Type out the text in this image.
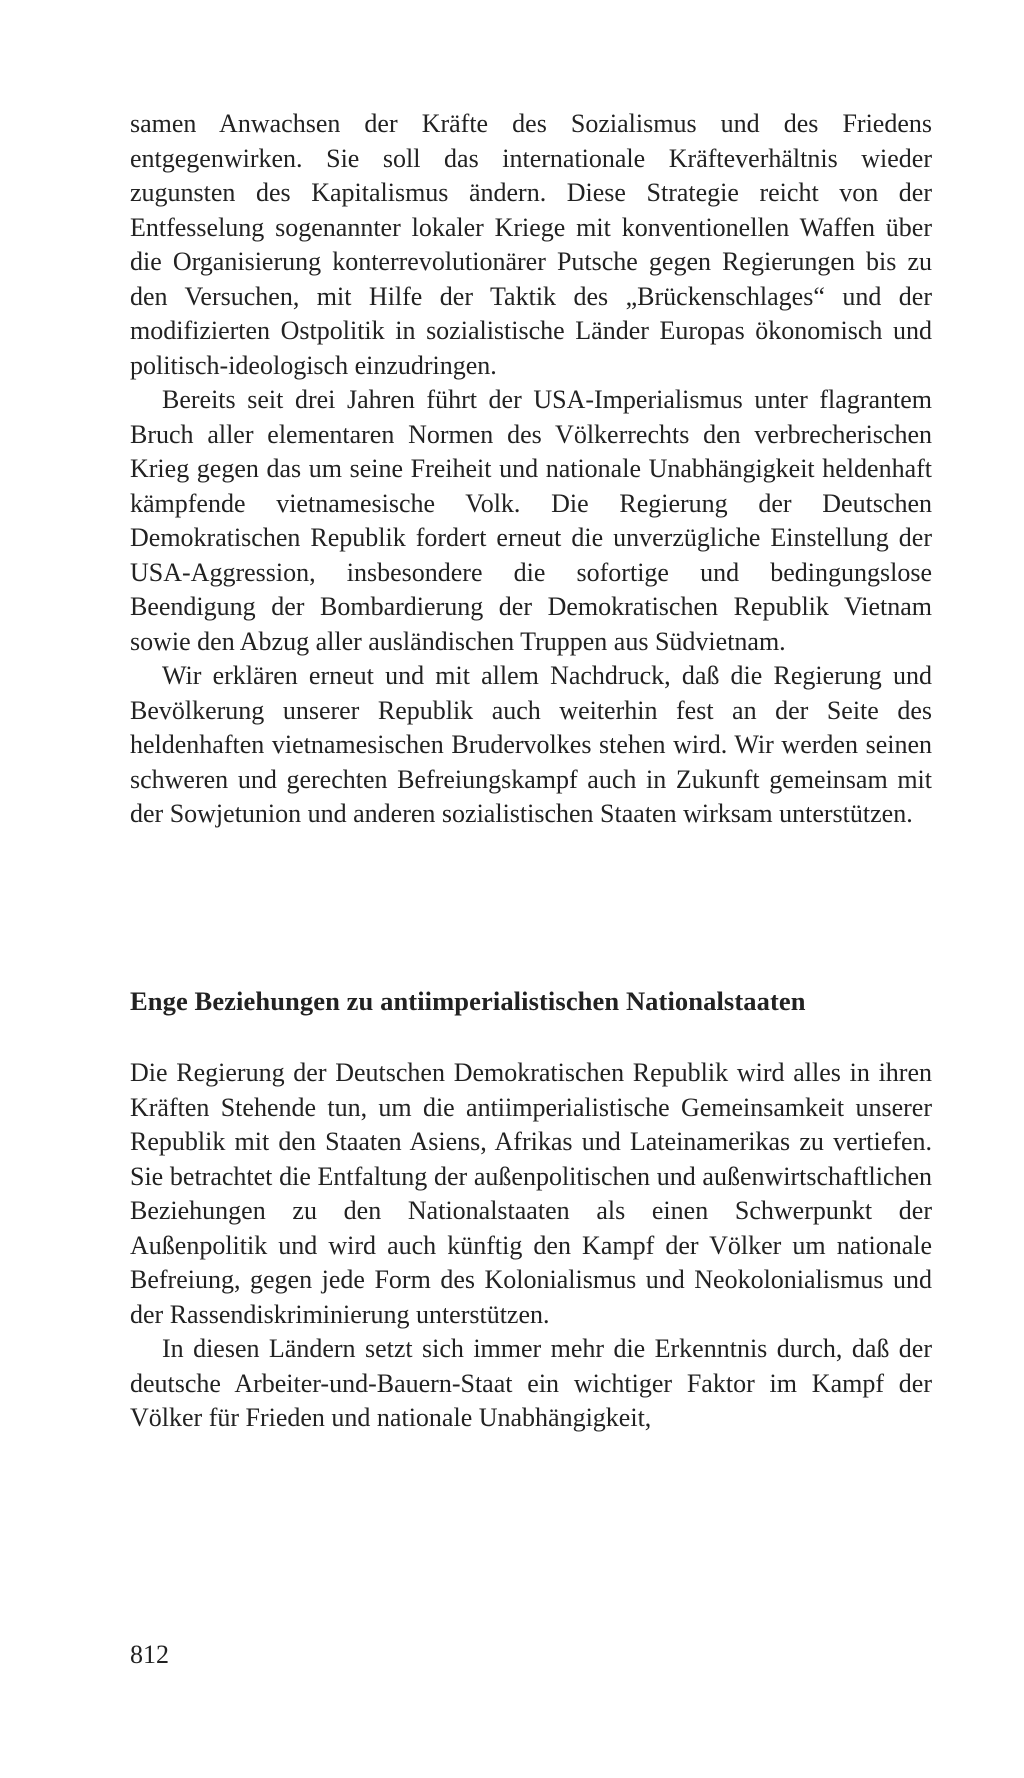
samen Anwachsen der Kräfte des Sozialismus und des Friedens entgegenwirken. Sie soll das internationale Kräfteverhältnis wieder zugunsten des Kapitalismus ändern. Diese Strategie reicht von der Entfesselung sogenannter lokaler Kriege mit konventionellen Waffen über die Organisierung konterrevolutionärer Putsche gegen Regierungen bis zu den Versuchen, mit Hilfe der Taktik des „Brückenschlages“ und der modifizierten Ostpolitik in sozialistische Länder Europas ökonomisch und politisch-ideologisch einzudringen.

Bereits seit drei Jahren führt der USA-Imperialismus unter flagrantem Bruch aller elementaren Normen des Völkerrechts den verbrecherischen Krieg gegen das um seine Freiheit und nationale Unabhängigkeit heldenhaft kämpfende vietnamesische Volk. Die Regierung der Deutschen Demokratischen Republik fordert erneut die unverzügliche Einstellung der USA-Aggression, insbesondere die sofortige und bedingungslose Beendigung der Bombardierung der Demokratischen Republik Vietnam sowie den Abzug aller ausländischen Truppen aus Südvietnam.

Wir erklären erneut und mit allem Nachdruck, daß die Regierung und Bevölkerung unserer Republik auch weiterhin fest an der Seite des heldenhaften vietnamesischen Brudervolkes stehen wird. Wir werden seinen schweren und gerechten Befreiungskampf auch in Zukunft gemeinsam mit der Sowjetunion und anderen sozialistischen Staaten wirksam unterstützen.

Enge Beziehungen zu antiimperialistischen Nationalstaaten

Die Regierung der Deutschen Demokratischen Republik wird alles in ihren Kräften Stehende tun, um die antiimperialistische Gemeinsamkeit unserer Republik mit den Staaten Asiens, Afrikas und Lateinamerikas zu vertiefen. Sie betrachtet die Entfaltung der außenpolitischen und außenwirtschaftlichen Beziehungen zu den Nationalstaaten als einen Schwerpunkt der Außenpolitik und wird auch künftig den Kampf der Völker um nationale Befreiung, gegen jede Form des Kolonialismus und Neokolonialismus und der Rassendiskriminierung unterstützen.

In diesen Ländern setzt sich immer mehr die Erkenntnis durch, daß der deutsche Arbeiter-und-Bauern-Staat ein wichtiger Faktor im Kampf der Völker für Frieden und nationale Unabhängigkeit,

812
